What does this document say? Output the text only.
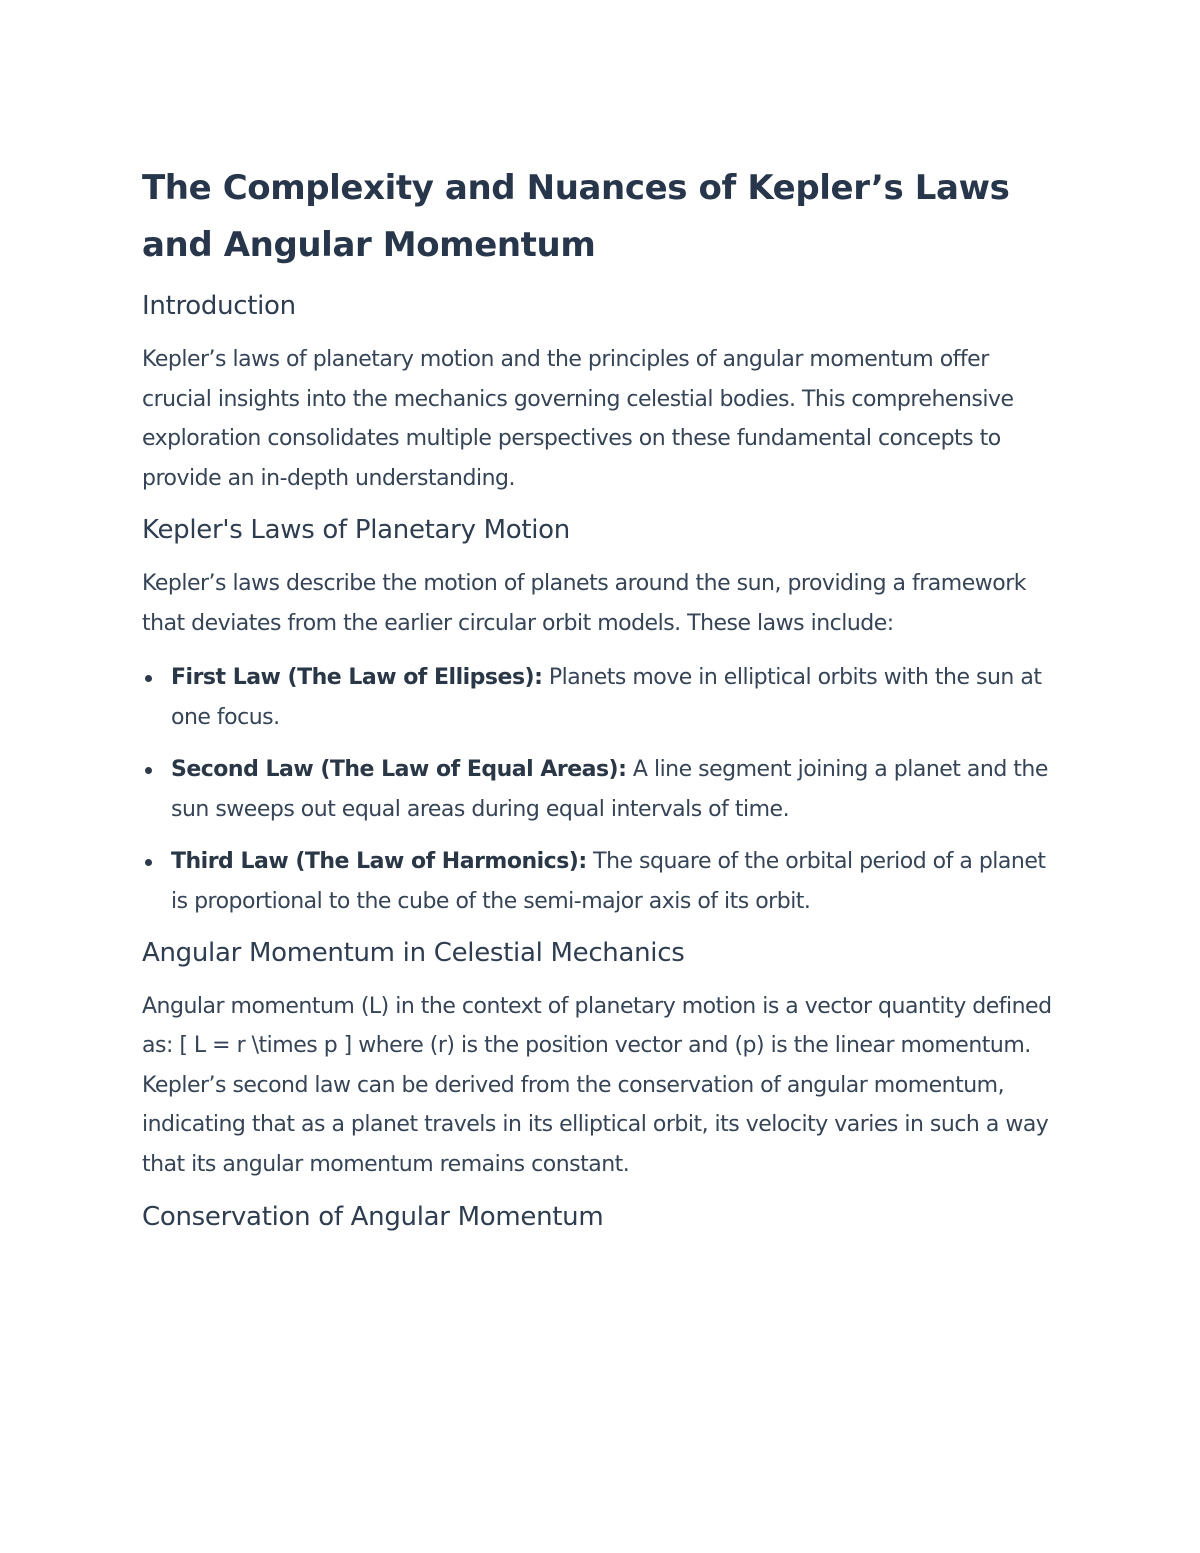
The Complexity and Nuances of Kepler’s Laws and Angular Momentum
Introduction

Kepler’s laws of planetary motion and the principles of angular momentum offer crucial insights into the mechanics governing celestial bodies. This comprehensive exploration consolidates multiple perspectives on these fundamental concepts to provide an in-depth understanding.

Kepler's Laws of Planetary Motion

Kepler’s laws describe the motion of planets around the sun, providing a framework that deviates from the earlier circular orbit models. These laws include:

First Law (The Law of Ellipses): Planets move in elliptical orbits with the sun at one focus.
Second Law (The Law of Equal Areas): A line segment joining a planet and the sun sweeps out equal areas during equal intervals of time.
Third Law (The Law of Harmonics): The square of the orbital period of a planet is proportional to the cube of the semi-major axis of its orbit.
Angular Momentum in Celestial Mechanics

Angular momentum (L) in the context of planetary motion is a vector quantity defined as: [ L = r \times p ] where (r) is the position vector and (p) is the linear momentum. Kepler’s second law can be derived from the conservation of angular momentum, indicating that as a planet travels in its elliptical orbit, its velocity varies in such a way that its angular momentum remains constant.

Conservation of Angular Momentum
